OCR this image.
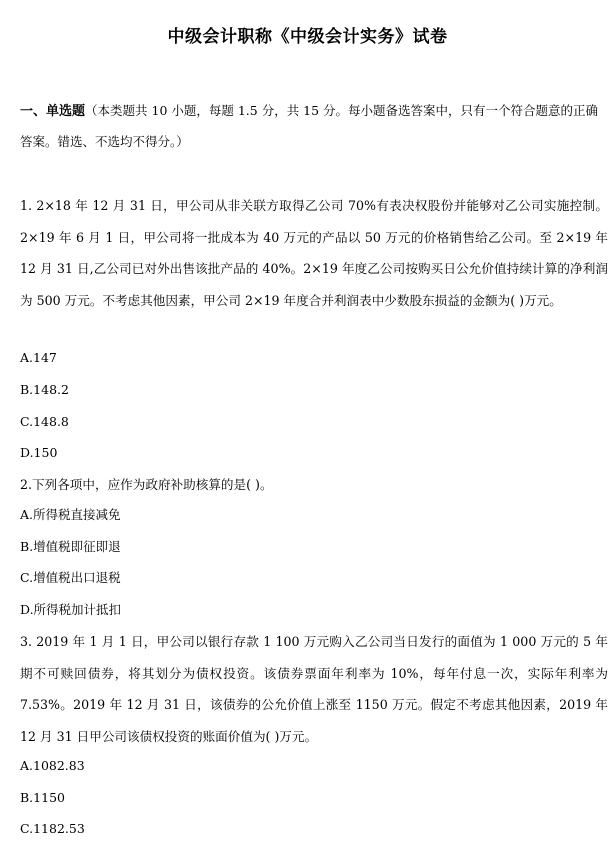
中级会计职称《中级会计实务》试卷
一、单选题（本类题共 10 小题，每题 1.5 分，共 15 分。每小题备选答案中，只有一个符合题意的正确答案。错选、不选均不得分。）
1. 2×18 年 12 月 31 日，甲公司从非关联方取得乙公司 70%有表决权股份并能够对乙公司实施控制。2×19 年 6 月 1 日，甲公司将一批成本为 40 万元的产品以 50 万元的价格销售给乙公司。至 2×19 年 12 月 31 日,乙公司已对外出售该批产品的 40%。2×19 年度乙公司按购买日公允价值持续计算的净利润为 500 万元。不考虑其他因素，甲公司 2×19 年度合并利润表中少数股东损益的金额为( )万元。
A.147
B.148.2
C.148.8
D.150
2.下列各项中，应作为政府补助核算的是( )。
A.所得税直接减免
B.增值税即征即退
C.增值税出口退税
D.所得税加计抵扣
3. 2019 年 1 月 1 日，甲公司以银行存款 1 100 万元购入乙公司当日发行的面值为 1 000 万元的 5 年期不可赎回债券，将其划分为债权投资。该债券票面年利率为 10%，每年付息一次，实际年利率为 7.53%。2019 年 12 月 31 日，该债券的公允价值上涨至 1150 万元。假定不考虑其他因素，2019 年 12 月 31 日甲公司该债权投资的账面价值为( )万元。
A.1082.83
B.1150
C.1182.53
